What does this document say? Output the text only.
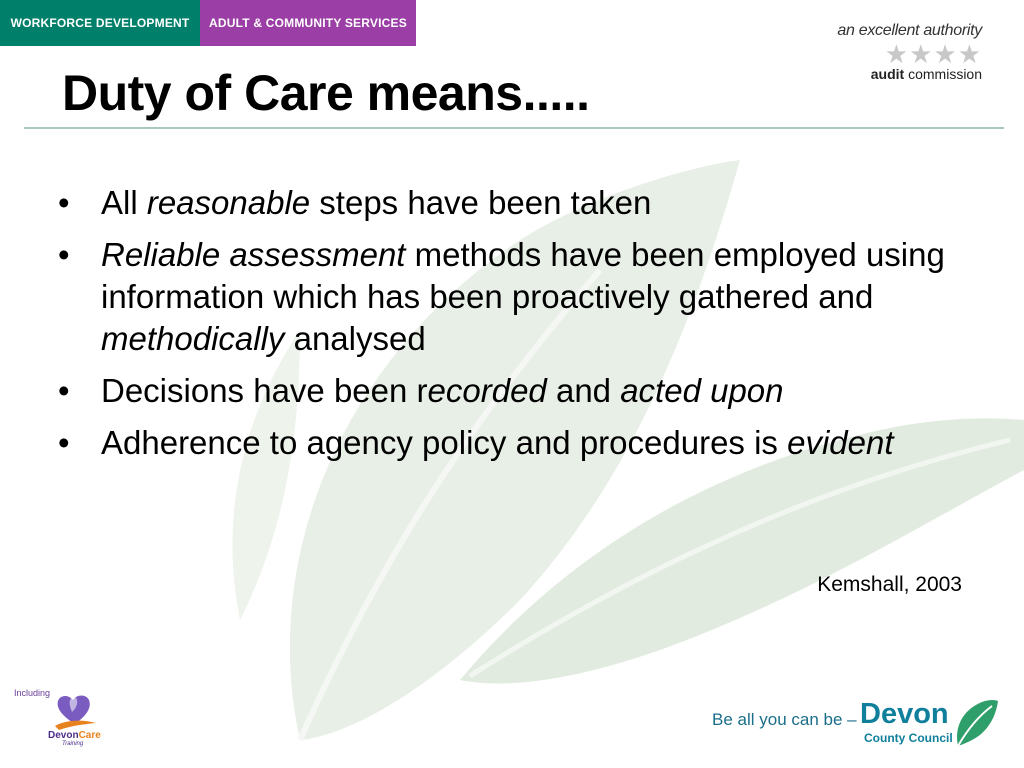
WORKFORCE DEVELOPMENT	ADULT & COMMUNITY SERVICES	an excellent authority
★★★★
audit commission
Duty of Care means.....
• All reasonable steps have been taken
• Reliable assessment methods have been employed using information which has been proactively gathered and methodically analysed
• Decisions have been recorded and acted upon
• Adherence to agency policy and procedures is evident
Kemshall, 2003
Including
DevonCare
Training
Be all you can be – Devon
County Council
